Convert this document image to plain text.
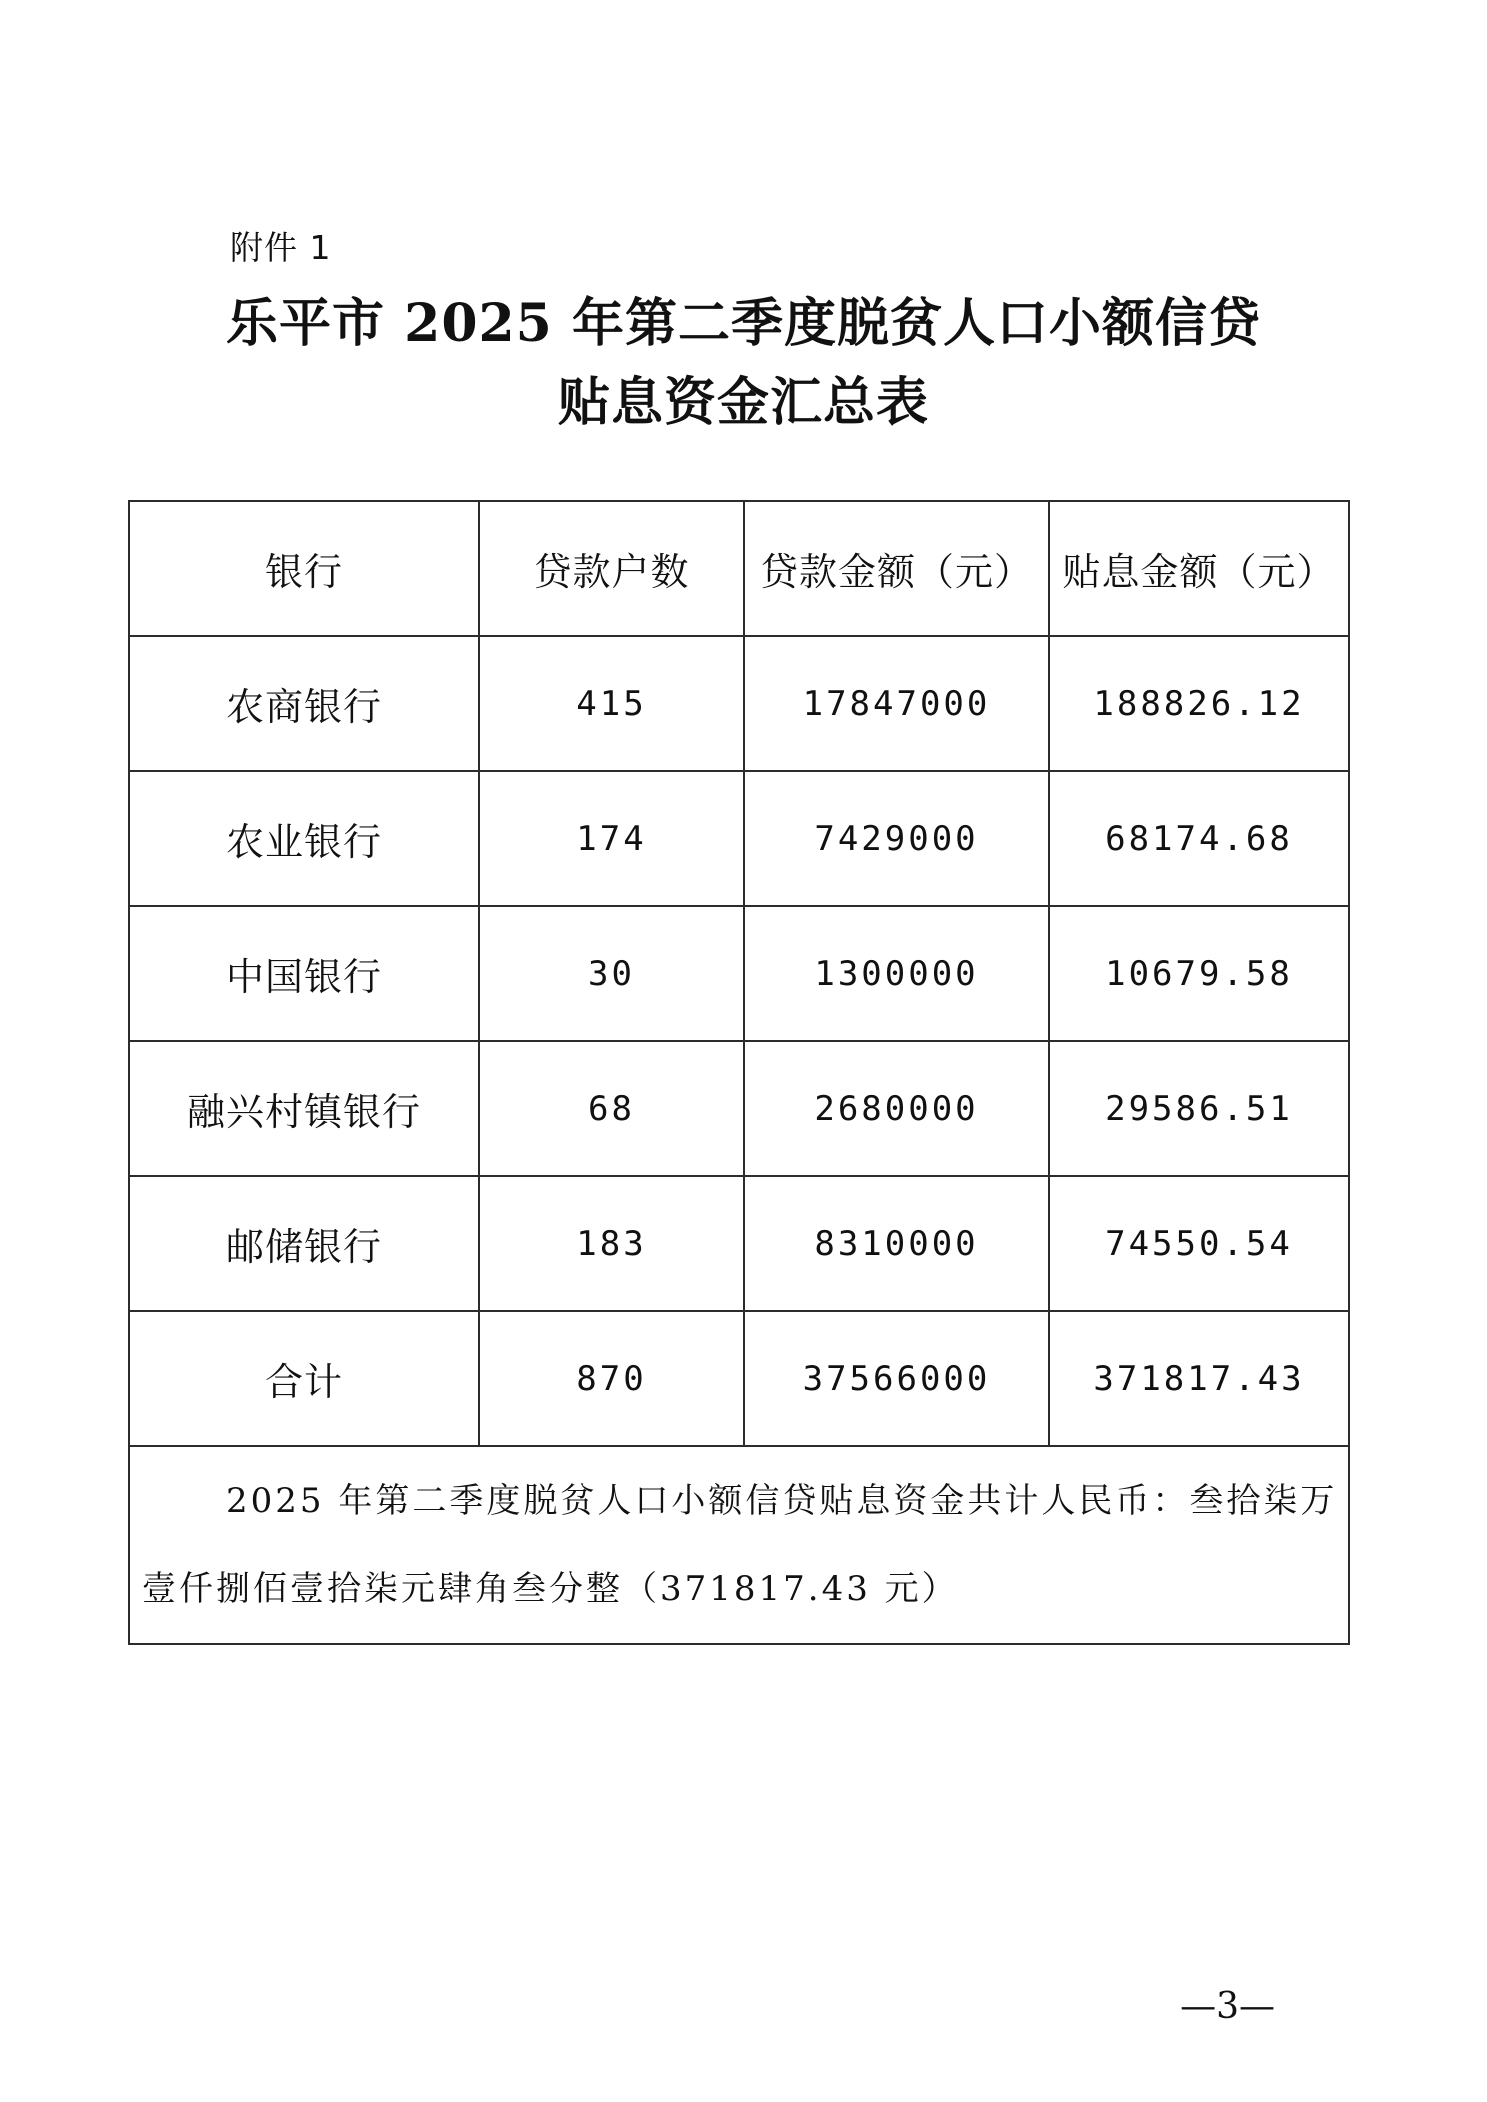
附件 1
乐平市 2025 年第二季度脱贫人口小额信贷
贴息资金汇总表
银行	贷款户数	贷款金额（元）	贴息金额（元）
农商银行	415	17847000	188826.12
农业银行	174	7429000	68174.68
中国银行	30	1300000	10679.58
融兴村镇银行	68	2680000	29586.51
邮储银行	183	8310000	74550.54
合计	870	37566000	371817.43
2025 年第二季度脱贫人口小额信贷贴息资金共计人民币：叁拾柒万壹仟捌佰壹拾柒元肆角叁分整（371817.43 元）			
—3—
